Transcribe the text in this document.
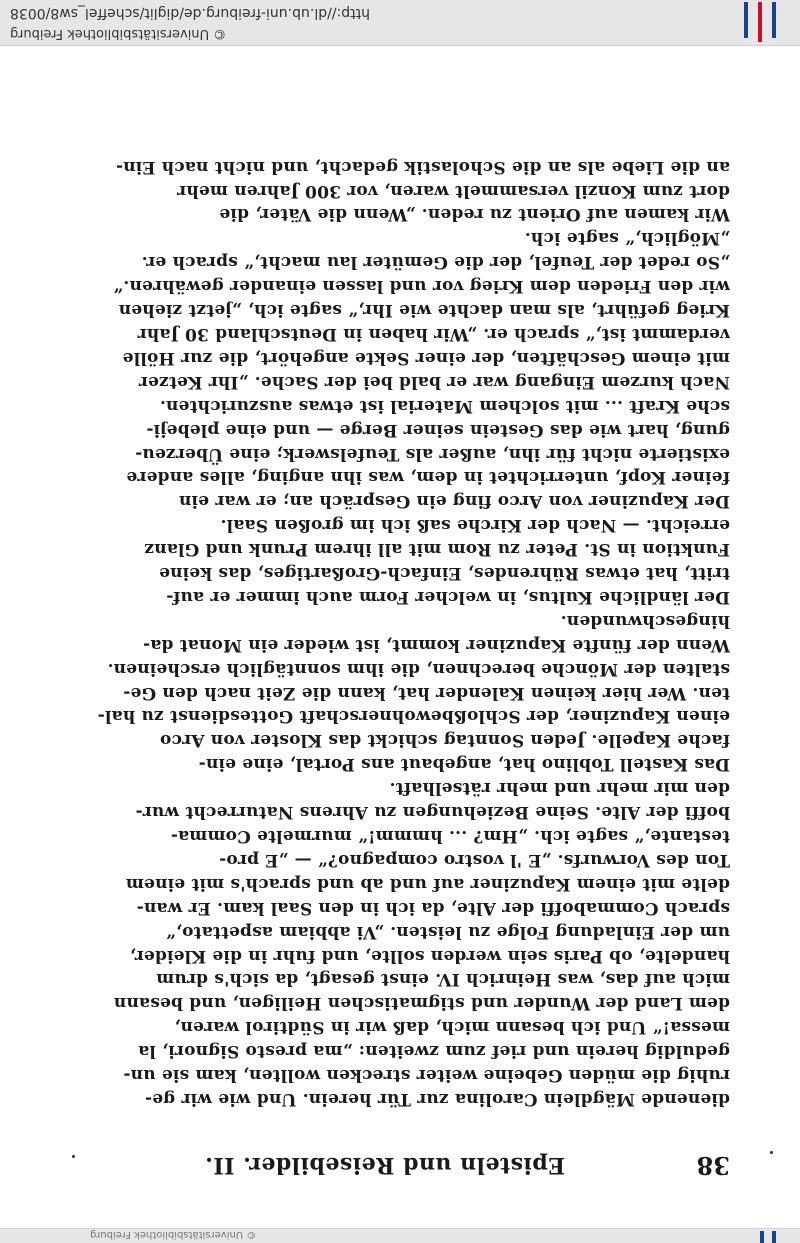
© Universitätsbibliothek Freiburg
http://dl.ub.uni-freiburg.de/diglit/scheffel_sw8/0038
38
Episteln und Reisebilder. II.
dienende Mägdlein Carolina zur Tür herein. Und wie wir ge-
ruhig die müden Gebeine weiter strecken wollten, kam sie un-
geduldig herein und rief zum zweiten: „ma presto Signori, la
messa!“ Und ich besann mich, daß wir in Südtirol waren,
dem Land der Wunder und stigmatischen Heiligen, und besann
mich auf das, was Heinrich IV. einst gesagt, da sich's drum
handelte, ob Paris sein werden sollte, und fuhr in die Kleider,
um der Einladung Folge zu leisten. „Vi abbiam aspettato,“
sprach Commaboffi der Alte, da ich in den Saal kam. Er wan-
delte mit einem Kapuziner auf und ab und sprach's mit einem
Ton des Vorwurfs. „E 'l vostro compagno?“ — „E pro-
testante,“ sagte ich. „Hm? ... hmmm!“ murmelte Comma-
boffi der Alte. Seine Beziehungen zu Ahrens Naturrecht wur-
den mir mehr und mehr rätselhaft.
Das Kastell Toblino hat, angebaut ans Portal, eine ein-
fache Kapelle. Jeden Sonntag schickt das Kloster von Arco
einen Kapuziner, der Schloßbewohnerschaft Gottesdienst zu hal-
ten. Wer hier keinen Kalender hat, kann die Zeit nach den Ge-
stalten der Mönche berechnen, die ihm sonntäglich erscheinen.
Wenn der fünfte Kapuziner kommt, ist wieder ein Monat da-
hingeschwunden.
Der ländliche Kultus, in welcher Form auch immer er auf-
tritt, hat etwas Rührendes, Einfach-Großartiges, das keine
Funktion in St. Peter zu Rom mit all ihrem Prunk und Glanz
erreicht. — Nach der Kirche saß ich im großen Saal.
Der Kapuziner von Arco fing ein Gespräch an; er war ein
feiner Kopf, unterrichtet in dem, was ihn anging, alles andere
existierte nicht für ihn, außer als Teufelswerk; eine Überzeu-
gung, hart wie das Gestein seiner Berge — und eine plebeji-
sche Kraft ... mit solchem Material ist etwas auszurichten.
Nach kurzem Eingang war er bald bei der Sache. „Ihr Ketzer
mit einem Geschäften, der einer Sekte angehört, die zur Hölle
verdammt ist,“ sprach er. „Wir haben in Deutschland 30 Jahr
Krieg geführt, als man dachte wie Ihr,“ sagte ich, „jetzt ziehen
wir den Frieden dem Krieg vor und lassen einander gewähren.“
„So redet der Teufel, der die Gemüter lau macht,“ sprach er.
„Möglich,“ sagte ich.
Wir kamen auf Orient zu reden. „Wenn die Väter, die
dort zum Konzil versammelt waren, vor 300 Jahren mehr
an die Liebe als an die Scholastik gedacht, und nicht nach Ein-
© Universitätsbibliothek Freiburg
